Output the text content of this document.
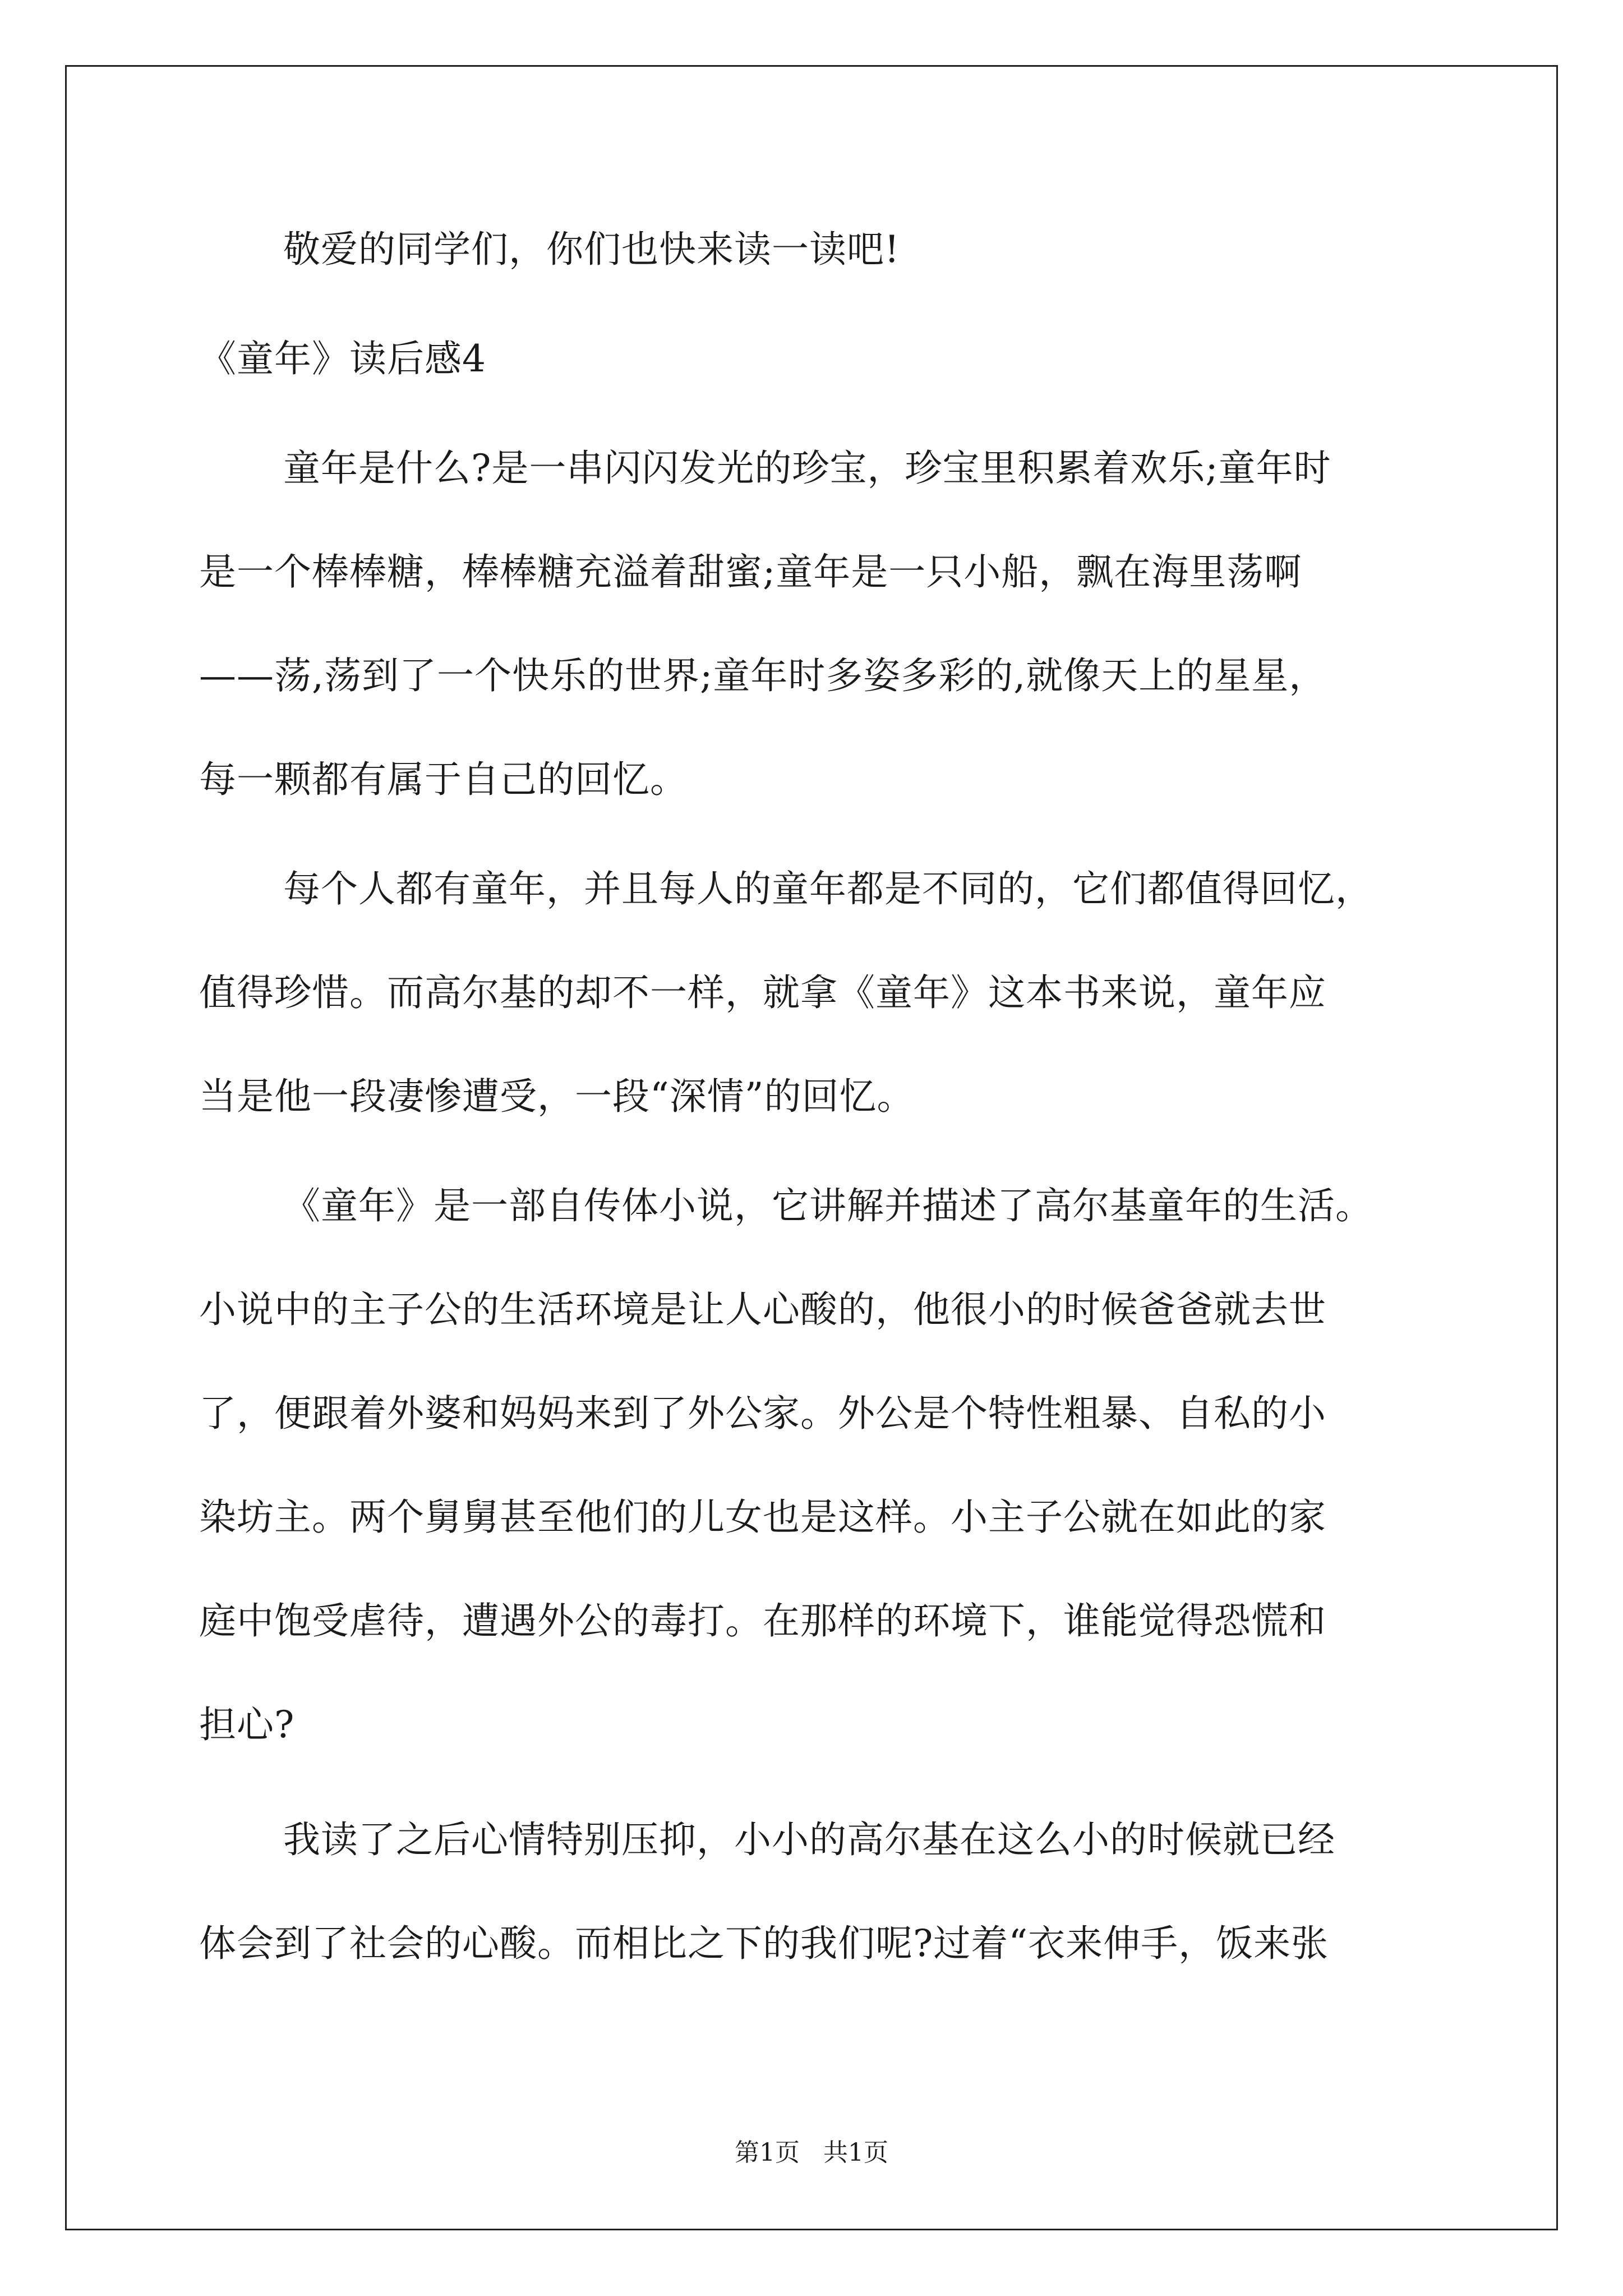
敬爱的同学们，你们也快来读一读吧!
《童年》读后感4
童年是什么?是一串闪闪发光的珍宝，珍宝里积累着欢乐;童年时
是一个棒棒糖，棒棒糖充溢着甜蜜;童年是一只小船，飘在海里荡啊
——荡,荡到了一个快乐的世界;童年时多姿多彩的,就像天上的星星，
每一颗都有属于自己的回忆。
每个人都有童年，并且每人的童年都是不同的，它们都值得回忆，
值得珍惜。而高尔基的却不一样，就拿《童年》这本书来说，童年应
当是他一段凄惨遭受，一段“深情”的回忆。
《童年》是一部自传体小说，它讲解并描述了高尔基童年的生活。
小说中的主子公的生活环境是让人心酸的，他很小的时候爸爸就去世
了，便跟着外婆和妈妈来到了外公家。外公是个特性粗暴、自私的小
染坊主。两个舅舅甚至他们的儿女也是这样。小主子公就在如此的家
庭中饱受虐待，遭遇外公的毒打。在那样的环境下，谁能觉得恐慌和
担心?
我读了之后心情特别压抑，小小的高尔基在这么小的时候就已经
体会到了社会的心酸。而相比之下的我们呢?过着“衣来伸手，饭来张
第1页   共1页
